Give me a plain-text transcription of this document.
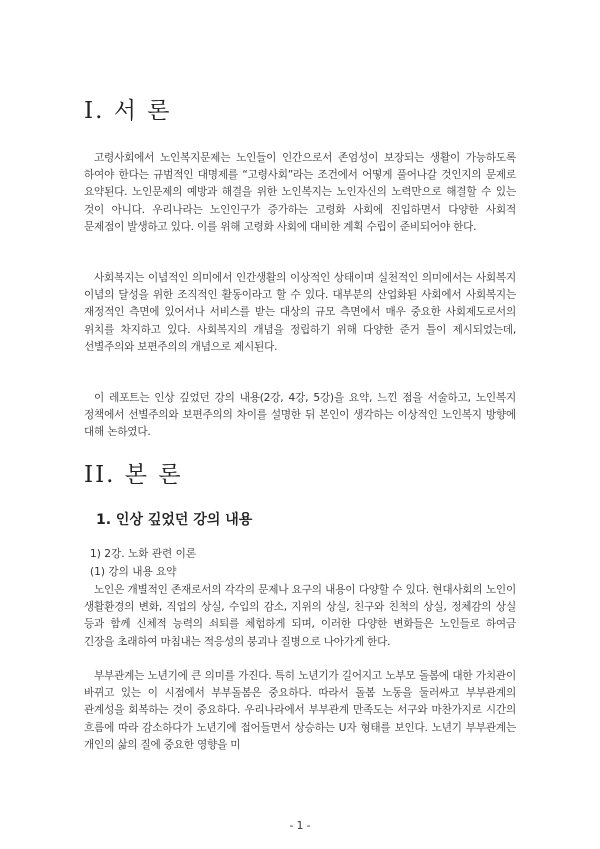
I. 서 론

고령사회에서 노인복지문제는 노인들이 인간으로서 존엄성이 보장되는 생활이 가능하도록 하여야 한다는 규범적인 대명제를 “고령사회”라는 조건에서 어떻게 풀어나갈 것인지의 문제로 요약된다. 노인문제의 예방과 해결을 위한 노인복지는 노인자신의 노력만으로 해결할 수 있는 것이 아니다. 우리나라는 노인인구가 증가하는 고령화 사회에 진입하면서 다양한 사회적 문제점이 발생하고 있다. 이를 위해 고령화 사회에 대비한 계획 수립이 준비되어야 한다.

사회복지는 이념적인 의미에서 인간생활의 이상적인 상태이며 실천적인 의미에서는 사회복지 이념의 달성을 위한 조직적인 활동이라고 할 수 있다. 대부분의 산업화된 사회에서 사회복지는 재정적인 측면에 있어서나 서비스를 받는 대상의 규모 측면에서 매우 중요한 사회제도로서의 위치를 차지하고 있다. 사회복지의 개념을 정립하기 위해 다양한 준거 틀이 제시되었는데, 선별주의와 보편주의의 개념으로 제시된다.

이 레포트는 인상 깊었던 강의 내용(2강, 4강, 5강)을 요약, 느낀 점을 서술하고, 노인복지 정책에서 선별주의와 보편주의의 차이를 설명한 뒤 본인이 생각하는 이상적인 노인복지 방향에 대해 논하였다.

II. 본 론
1. 인상 깊었던 강의 내용

1) 2강. 노화 관련 이론

(1) 강의 내용 요약

노인은 개별적인 존재로서의 각각의 문제나 요구의 내용이 다양할 수 있다. 현대사회의 노인이 생활환경의 변화, 직업의 상실, 수입의 감소, 지위의 상실, 친구와 친척의 상실, 정체감의 상실 등과 함께 신체적 능력의 쇠퇴를 체험하게 되며, 이러한 다양한 변화들은 노인들로 하여금 긴장을 초래하여 마침내는 적응성의 붕괴나 질병으로 나아가게 한다.

부부관계는 노년기에 큰 의미를 가진다. 특히 노년기가 길어지고 노부모 돌봄에 대한 가치관이 바뀌고 있는 이 시점에서 부부돌봄은 중요하다. 따라서 돌봄 노동을 둘러싸고 부부관계의 관계성을 회복하는 것이 중요하다. 우리나라에서 부부관계 만족도는 서구와 마찬가지로 시간의 흐름에 따라 감소하다가 노년기에 접어들면서 상승하는 U자 형태를 보인다. 노년기 부부관계는 개인의 삶의 질에 중요한 영향을 미

- 1 -
